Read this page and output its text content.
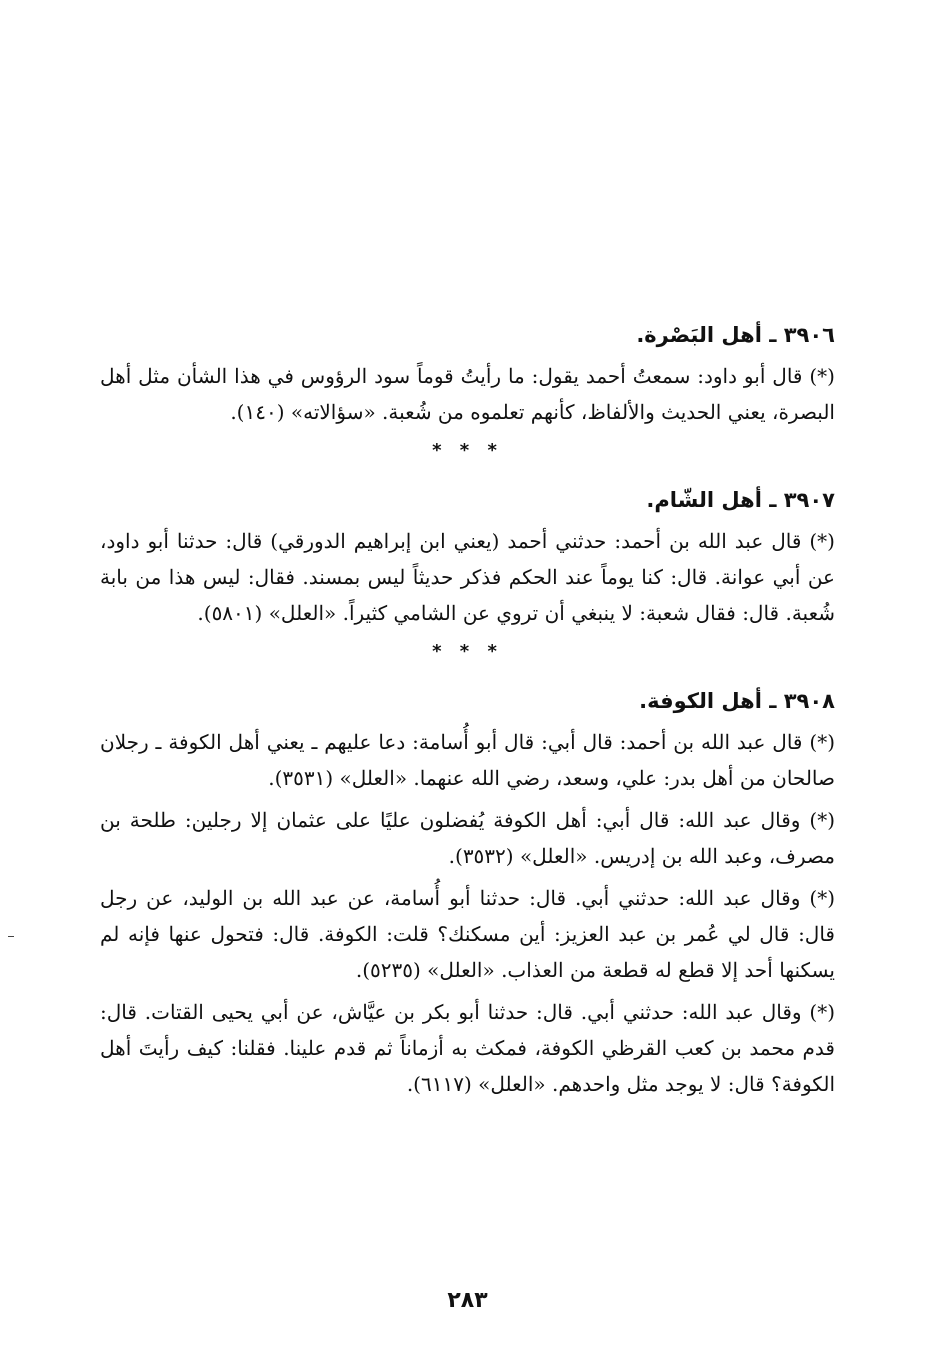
٣٩٠٦ ـ أهل البَصْرة.

(*) قال أبو داود: سمعتُ أحمد يقول: ما رأيتُ قوماً سود الرؤوس في هذا الشأن مثل أهل البصرة، يعني الحديث والألفاظ، كأنهم تعلموه من شُعبة. «سؤالاته» (١٤٠).

* * *
٣٩٠٧ ـ أهل الشّام.

(*) قال عبد الله بن أحمد: حدثني أحمد (يعني ابن إبراهيم الدورقي) قال: حدثنا أبو داود، عن أبي عوانة. قال: كنا يوماً عند الحكم فذكر حديثاً ليس بمسند. فقال: ليس هذا من بابة شُعبة. قال: فقال شعبة: لا ينبغي أن تروي عن الشامي كثيراً. «العلل» (٥٨٠١).

* * *
٣٩٠٨ ـ أهل الكوفة.

(*) قال عبد الله بن أحمد: قال أبي: قال أبو أُسامة: دعا عليهم ـ يعني أهل الكوفة ـ رجلان صالحان من أهل بدر: علي، وسعد، رضي الله عنهما. «العلل» (٣٥٣١).

(*) وقال عبد الله: قال أبي: أهل الكوفة يُفضلون عليًا على عثمان إلا رجلين: طلحة بن مصرف، وعبد الله بن إدريس. «العلل» (٣٥٣٢).

(*) وقال عبد الله: حدثني أبي. قال: حدثنا أبو أُسامة، عن عبد الله بن الوليد، عن رجل قال: قال لي عُمر بن عبد العزيز: أين مسكنك؟ قلت: الكوفة. قال: فتحول عنها فإنه لم يسكنها أحد إلا قطع له قطعة من العذاب. «العلل» (٥٢٣٥).

(*) وقال عبد الله: حدثني أبي. قال: حدثنا أبو بكر بن عيَّاش، عن أبي يحيى القتات. قال: قدم محمد بن كعب القرظي الكوفة، فمكث به أزماناً ثم قدم علينا. فقلنا: كيف رأيتَ أهل الكوفة؟ قال: لا يوجد مثل واحدهم. «العلل» (٦١١٧).

٢٨٣
